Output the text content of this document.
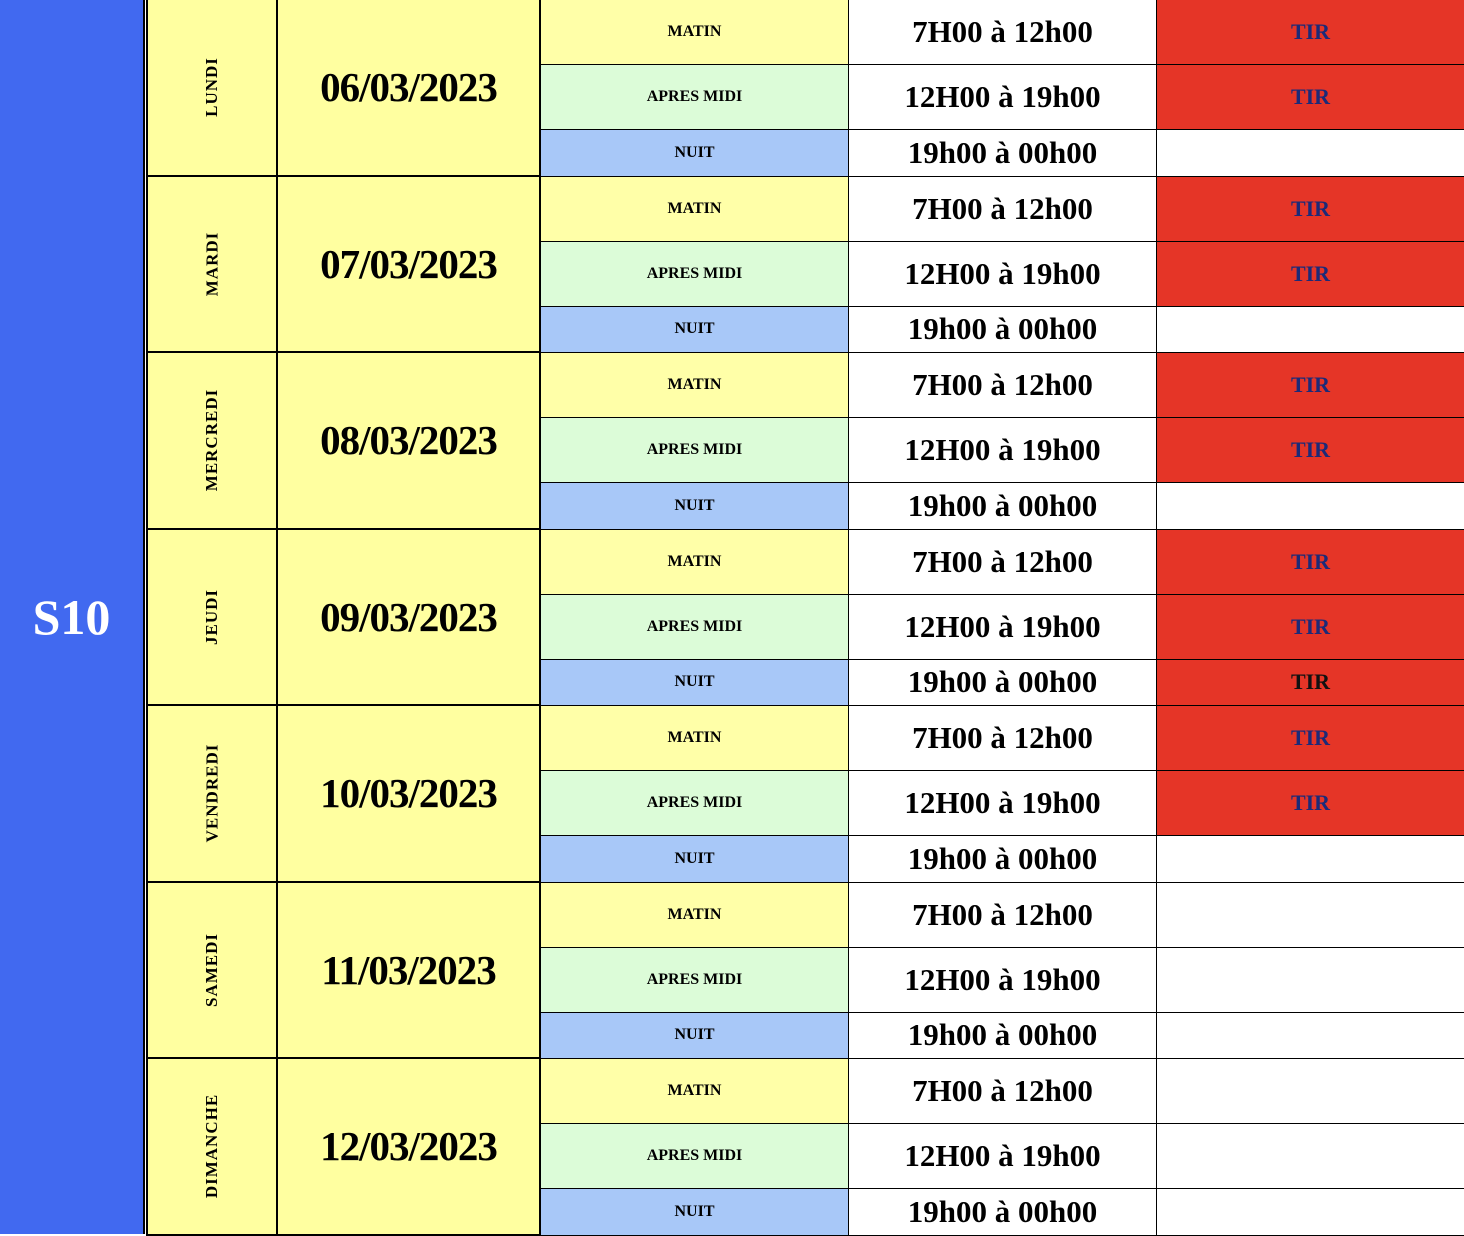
S10
LUNDI	06/03/2023
MATIN	7H00 à 12h00	TIR
APRES MIDI	12H00 à 19h00	TIR
NUIT	19h00 à 00h00
MARDI	07/03/2023
MATIN	7H00 à 12h00	TIR
APRES MIDI	12H00 à 19h00	TIR
NUIT	19h00 à 00h00
MERCREDI	08/03/2023
MATIN	7H00 à 12h00	TIR
APRES MIDI	12H00 à 19h00	TIR
NUIT	19h00 à 00h00
JEUDI	09/03/2023
MATIN	7H00 à 12h00	TIR
APRES MIDI	12H00 à 19h00	TIR
NUIT	19h00 à 00h00	TIR
VENDREDI	10/03/2023
MATIN	7H00 à 12h00	TIR
APRES MIDI	12H00 à 19h00	TIR
NUIT	19h00 à 00h00
SAMEDI	11/03/2023
MATIN	7H00 à 12h00
APRES MIDI	12H00 à 19h00
NUIT	19h00 à 00h00
DIMANCHE	12/03/2023
MATIN	7H00 à 12h00
APRES MIDI	12H00 à 19h00
NUIT	19h00 à 00h00
